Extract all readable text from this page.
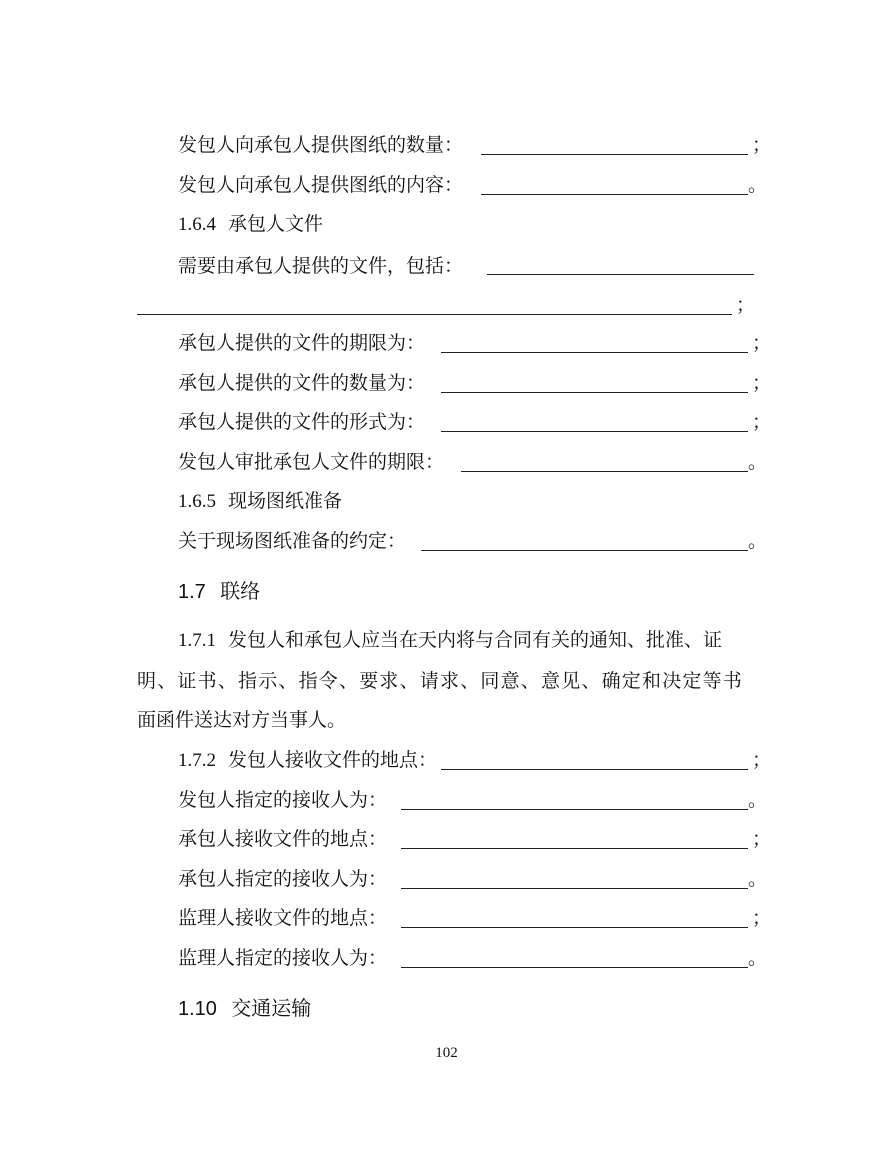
发包人向承包人提供图纸的数量：	；
发包人向承包人提供图纸的内容：	。
1.6.4 承包人文件
需要由承包人提供的文件，包括：
；
承包人提供的文件的期限为：	；
承包人提供的文件的数量为：	；
承包人提供的文件的形式为：	；
发包人审批承包人文件的期限：	。
1.6.5 现场图纸准备
关于现场图纸准备的约定：	。
1.7 联络
1.7.1 发包人和承包人应当在天内将与合同有关的通知、批准、证
明、证书、指示、指令、要求、请求、同意、意见、确定和决定等书
面函件送达对方当事人。
1.7.2 发包人接收文件的地点：	；
发包人指定的接收人为：	。
承包人接收文件的地点：	；
承包人指定的接收人为：	。
监理人接收文件的地点：	；
监理人指定的接收人为：	。
1.10 交通运输
102
